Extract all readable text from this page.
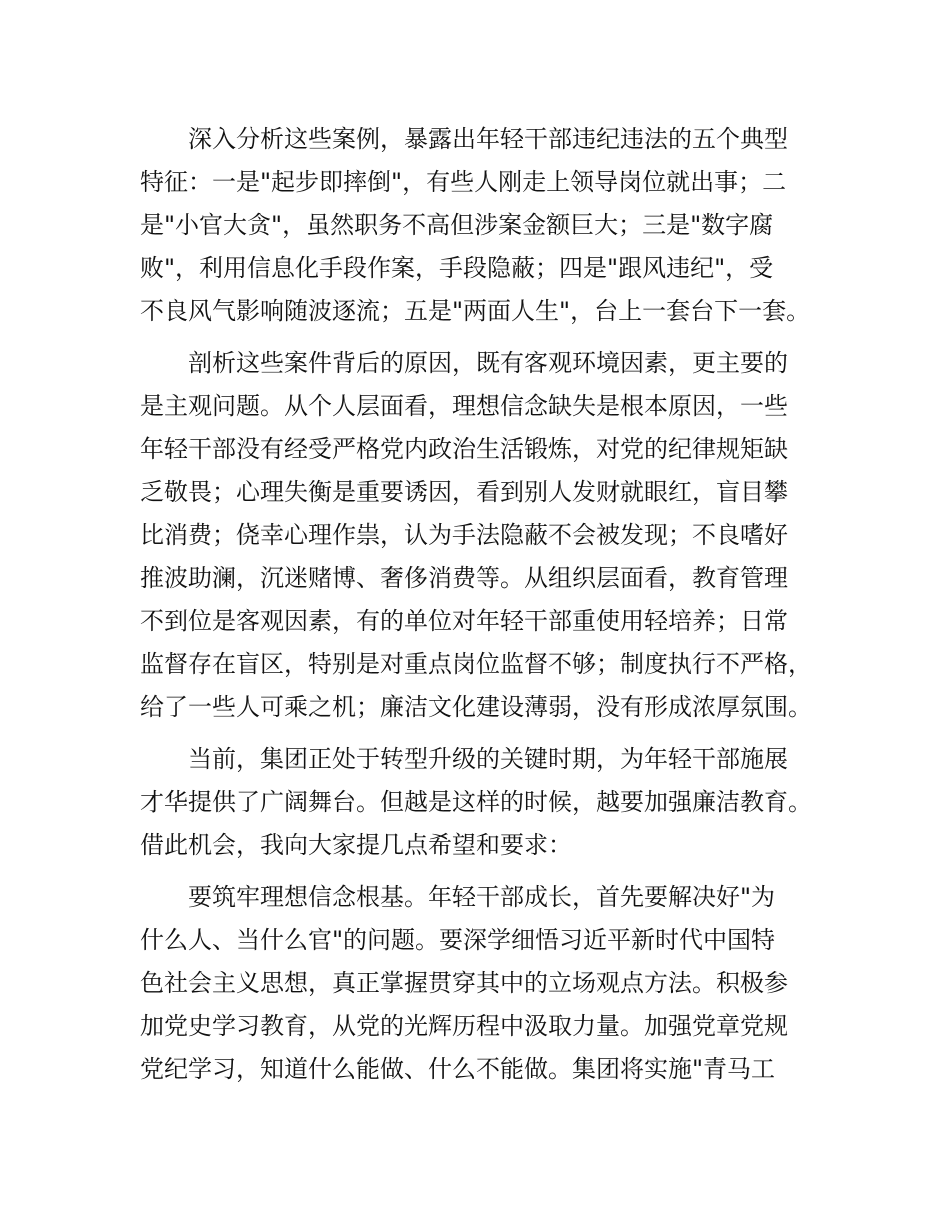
深入分析这些案例，暴露出年轻干部违纪违法的五个典型
特征：一是"起步即摔倒"，有些人刚走上领导岗位就出事；二
是"小官大贪"，虽然职务不高但涉案金额巨大；三是"数字腐
败"，利用信息化手段作案，手段隐蔽；四是"跟风违纪"，受
不良风气影响随波逐流；五是"两面人生"，台上一套台下一套。

剖析这些案件背后的原因，既有客观环境因素，更主要的
是主观问题。从个人层面看，理想信念缺失是根本原因，一些
年轻干部没有经受严格党内政治生活锻炼，对党的纪律规矩缺
乏敬畏；心理失衡是重要诱因，看到别人发财就眼红，盲目攀
比消费；侥幸心理作祟，认为手法隐蔽不会被发现；不良嗜好
推波助澜，沉迷赌博、奢侈消费等。从组织层面看，教育管理
不到位是客观因素，有的单位对年轻干部重使用轻培养；日常
监督存在盲区，特别是对重点岗位监督不够；制度执行不严格，
给了一些人可乘之机；廉洁文化建设薄弱，没有形成浓厚氛围。

当前，集团正处于转型升级的关键时期，为年轻干部施展
才华提供了广阔舞台。但越是这样的时候，越要加强廉洁教育。
借此机会，我向大家提几点希望和要求：

要筑牢理想信念根基。年轻干部成长，首先要解决好"为
什么人、当什么官"的问题。要深学细悟习近平新时代中国特
色社会主义思想，真正掌握贯穿其中的立场观点方法。积极参
加党史学习教育，从党的光辉历程中汲取力量。加强党章党规
党纪学习，知道什么能做、什么不能做。集团将实施"青马工
